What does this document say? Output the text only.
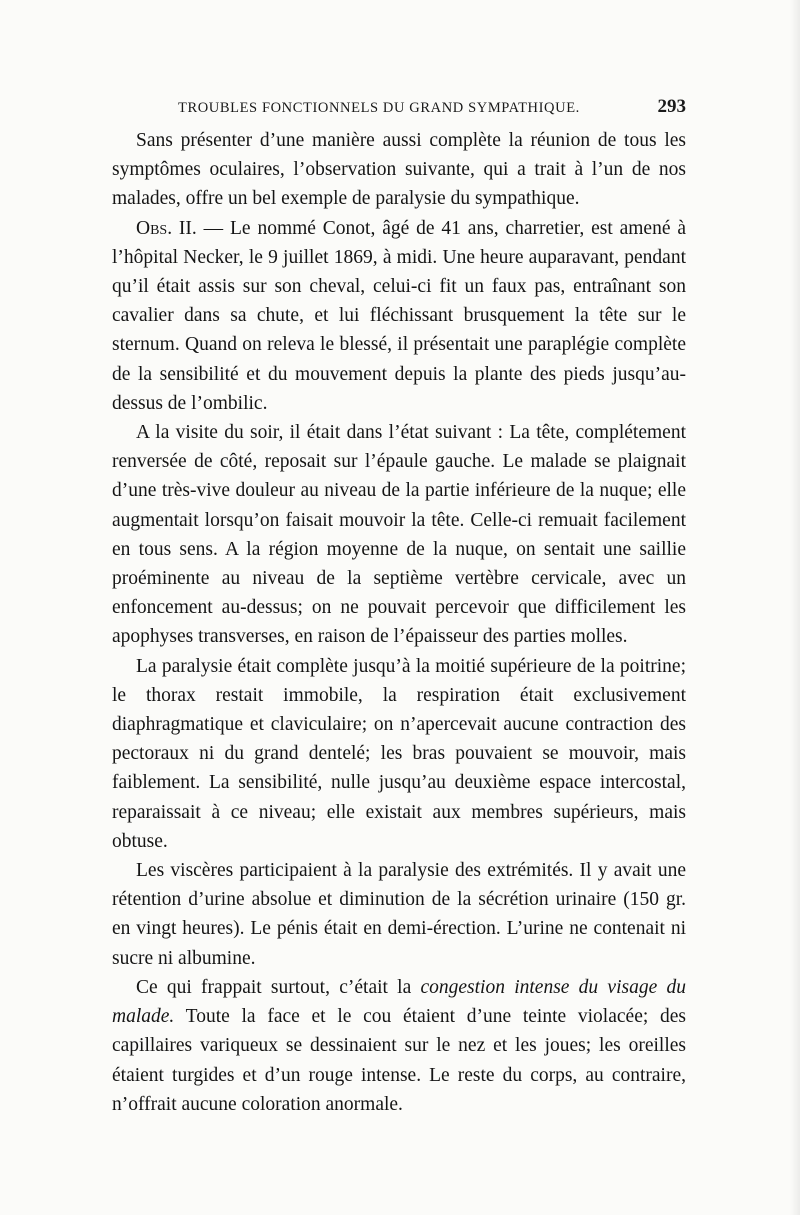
TROUBLES FONCTIONNELS DU GRAND SYMPATHIQUE.	293

Sans présenter d’une manière aussi complète la réunion de tous les symptômes oculaires, l’observation suivante, qui a trait à l’un de nos malades, offre un bel exemple de paralysie du sympathique.

Obs. II. — Le nommé Conot, âgé de 41 ans, charretier, est amené à l’hôpital Necker, le 9 juillet 1869, à midi. Une heure auparavant, pendant qu’il était assis sur son cheval, celui-ci fit un faux pas, entraînant son cavalier dans sa chute, et lui fléchissant brusquement la tête sur le sternum. Quand on releva le blessé, il présentait une paraplégie complète de la sensibilité et du mouvement depuis la plante des pieds jusqu’au-dessus de l’ombilic.

A la visite du soir, il était dans l’état suivant : La tête, complétement renversée de côté, reposait sur l’épaule gauche. Le malade se plaignait d’une très-vive douleur au niveau de la partie inférieure de la nuque; elle augmentait lorsqu’on faisait mouvoir la tête. Celle-ci remuait facilement en tous sens. A la région moyenne de la nuque, on sentait une saillie proéminente au niveau de la septième vertèbre cervicale, avec un enfoncement au-dessus; on ne pouvait percevoir que difficilement les apophyses transverses, en raison de l’épaisseur des parties molles.

La paralysie était complète jusqu’à la moitié supérieure de la poitrine; le thorax restait immobile, la respiration était exclusivement diaphragmatique et claviculaire; on n’apercevait aucune contraction des pectoraux ni du grand dentelé; les bras pouvaient se mouvoir, mais faiblement. La sensibilité, nulle jusqu’au deuxième espace intercostal, reparaissait à ce niveau; elle existait aux membres supérieurs, mais obtuse.

Les viscères participaient à la paralysie des extrémités. Il y avait une rétention d’urine absolue et diminution de la sécrétion urinaire (150 gr. en vingt heures). Le pénis était en demi-érection. L’urine ne contenait ni sucre ni albumine.

Ce qui frappait surtout, c’était la congestion intense du visage du malade. Toute la face et le cou étaient d’une teinte violacée; des capillaires variqueux se dessinaient sur le nez et les joues; les oreilles étaient turgides et d’un rouge intense. Le reste du corps, au contraire, n’offrait aucune coloration anormale.
